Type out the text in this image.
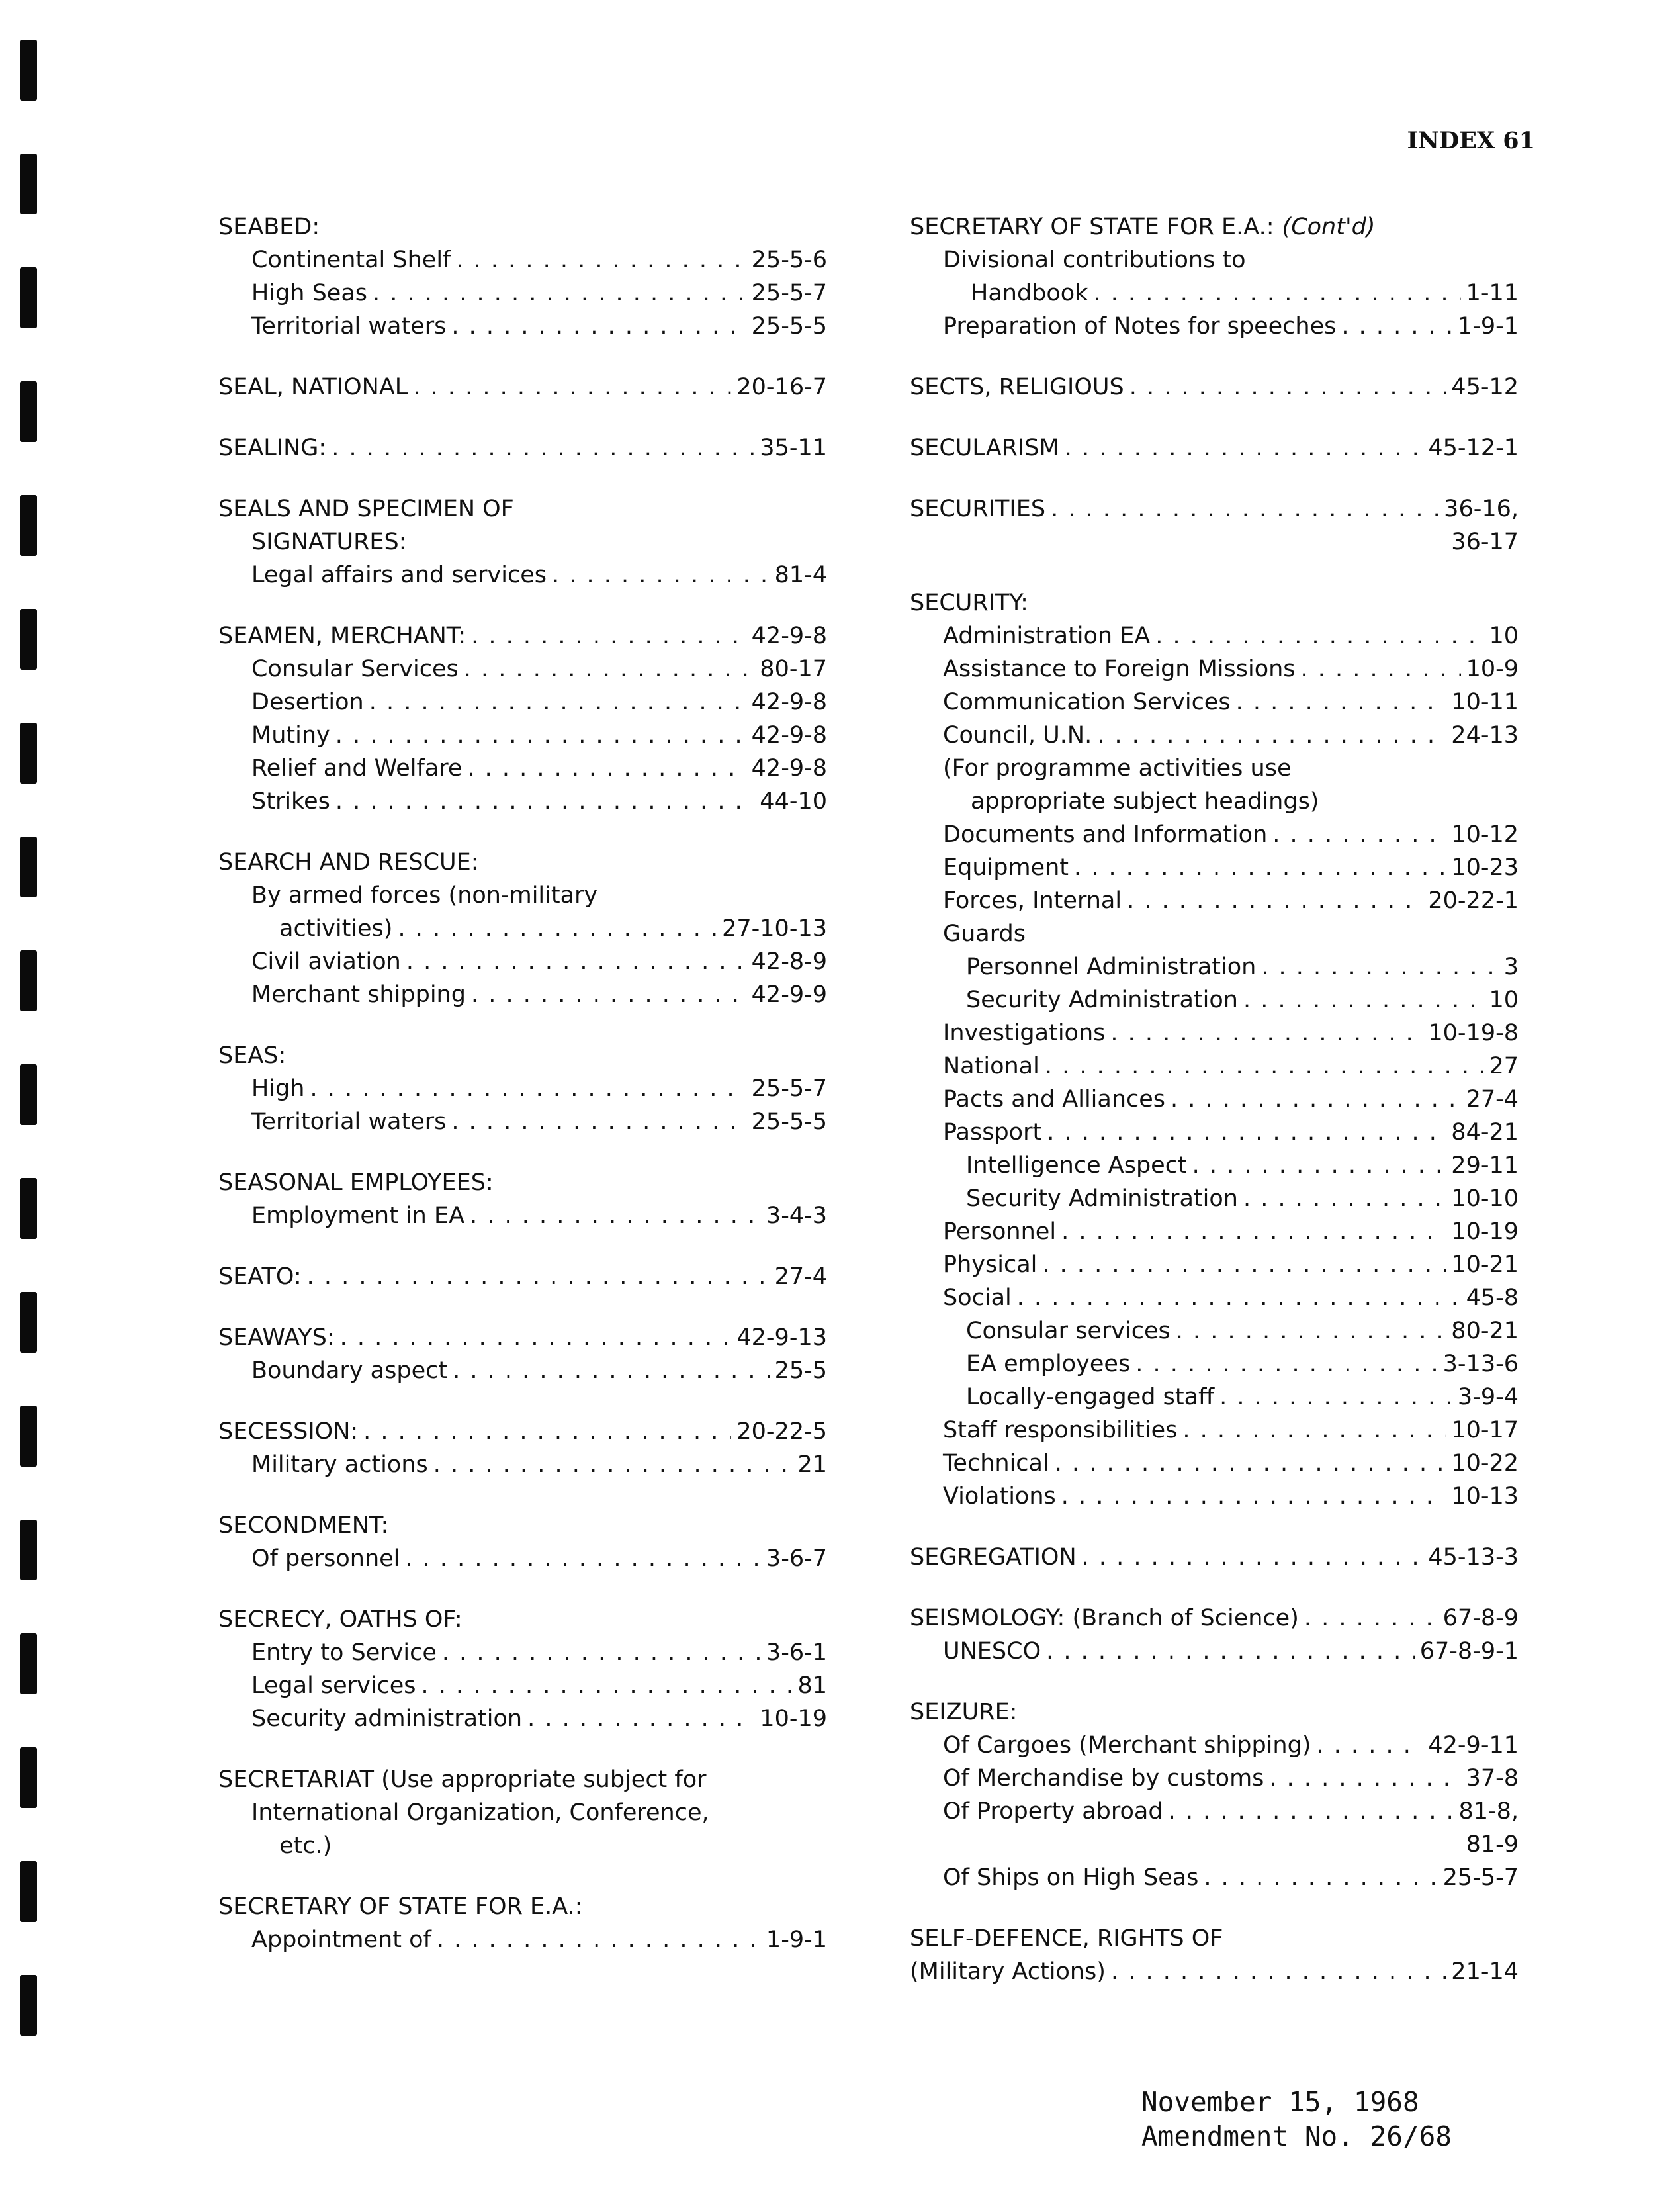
INDEX 61
SEABED:
Continental Shelf . . .	25-5-6
High Seas . . .	25-5-7
Territorial waters . . .	25-5-5
SEAL, NATIONAL . . .	20-16-7
SEALING: . . .	35-11
SEALS AND SPECIMEN OF
SIGNATURES:
Legal affairs and services . . .	81-4
SEAMEN, MERCHANT: . . .	42-9-8
Consular Services . . .	80-17
Desertion . . .	42-9-8
Mutiny . . .	42-9-8
Relief and Welfare . . .	42-9-8
Strikes . . .	44-10
SEARCH AND RESCUE:
By armed forces (non-military
activities) . . .	27-10-13
Civil aviation . . .	42-8-9
Merchant shipping . . .	42-9-9
SEAS:
High . . .	25-5-7
Territorial waters . . .	25-5-5
SEASONAL EMPLOYEES:
Employment in EA . . .	3-4-3
SEATO: . . .	27-4
SEAWAYS: . . .	42-9-13
Boundary aspect . . .	25-5
SECESSION: . . .	20-22-5
Military actions . . .	21
SECONDMENT:
Of personnel . . .	3-6-7
SECRECY, OATHS OF:
Entry to Service . . .	3-6-1
Legal services . . .	81
Security administration . . .	10-19
SECRETARIAT (Use appropriate subject for
International Organization, Conference,
etc.)
SECRETARY OF STATE FOR E.A.:
Appointment of . . .	1-9-1
SECRETARY OF STATE FOR E.A.: (Cont'd)
Divisional contributions to
Handbook . . .	1-11
Preparation of Notes for speeches . . .	1-9-1
SECTS, RELIGIOUS . . .	45-12
SECULARISM . . .	45-12-1
SECURITIES . . .	36-16,
36-17
SECURITY:
Administration EA . . .	10
Assistance to Foreign Missions . . .	10-9
Communication Services . . .	10-11
Council, U.N. . . .	24-13
(For programme activities use
appropriate subject headings)
Documents and Information . . .	10-12
Equipment . . .	10-23
Forces, Internal . . .	20-22-1
Guards
Personnel Administration . . .	3
Security Administration . . .	10
Investigations . . .	10-19-8
National . . .	27
Pacts and Alliances . . .	27-4
Passport . . .	84-21
Intelligence Aspect . . .	29-11
Security Administration . . .	10-10
Personnel . . .	10-19
Physical . . .	10-21
Social . . .	45-8
Consular services . . .	80-21
EA employees . . .	3-13-6
Locally-engaged staff . . .	3-9-4
Staff responsibilities . . .	10-17
Technical . . .	10-22
Violations . . .	10-13
SEGREGATION . . .	45-13-3
SEISMOLOGY: (Branch of Science) . . .	67-8-9
UNESCO . . .	67-8-9-1
SEIZURE:
Of Cargoes (Merchant shipping) . . .	42-9-11
Of Merchandise by customs . . .	37-8
Of Property abroad . . .	81-8,
81-9
Of Ships on High Seas . . .	25-5-7
SELF-DEFENCE, RIGHTS OF
(Military Actions) . . .	21-14
November 15, 1968
Amendment No. 26/68
